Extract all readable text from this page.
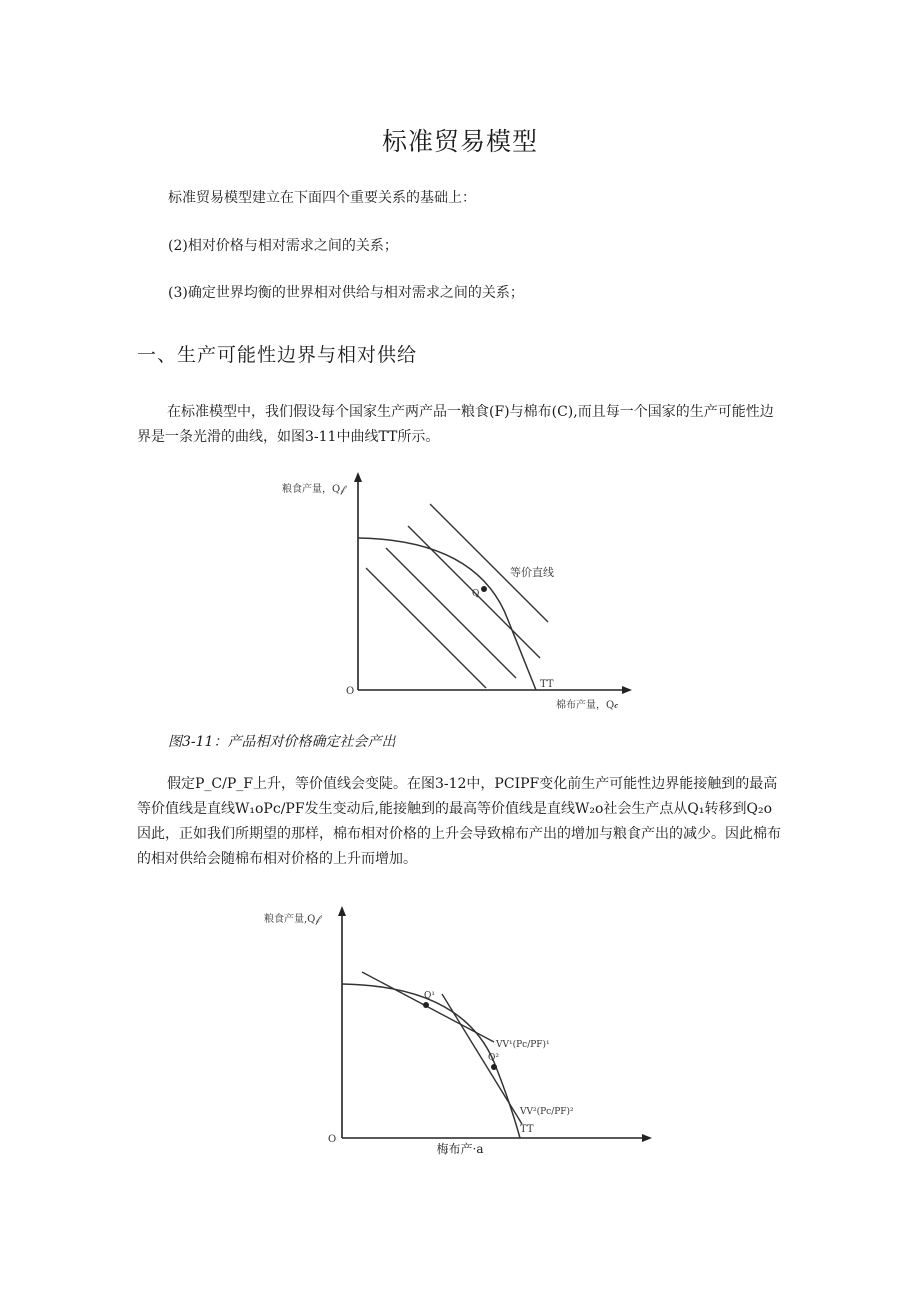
标准贸易模型

标准贸易模型建立在下面四个重要关系的基础上：

(2)相对价格与相对需求之间的关系；

(3)确定世界均衡的世界相对供给与相对需求之间的关系；

一、生产可能性边界与相对供给

在标准模型中，我们假设每个国家生产两产品一粮食(F)与棉布(C),而且每一个国家的生产可能性边界是一条光滑的曲线，如图3-11中曲线TT所示。

粮食产量，Q𝒻
O
TT
等价直线
Q
棉布产量，Q𝒸
图3-11：产品相对价格确定社会产出

假定P_C/P_F上升，等价值线会变陡。在图3-12中，PCIPF变化前生产可能性边界能接触到的最高等价值线是直线W₁oPc/PF发生变动后,能接触到的最高等价值线是直线W₂o社会生产点从Q₁转移到Q₂o因此，正如我们所期望的那样，棉布相对价格的上升会导致棉布产出的增加与粮食产出的减少。因此棉布的相对供给会随棉布相对价格的上升而增加。

粮食产量,Q𝒻
O
Q¹
Q²
VV¹(Pc/PF)¹
VV²(Pc/PF)²
TT
梅布产·a
